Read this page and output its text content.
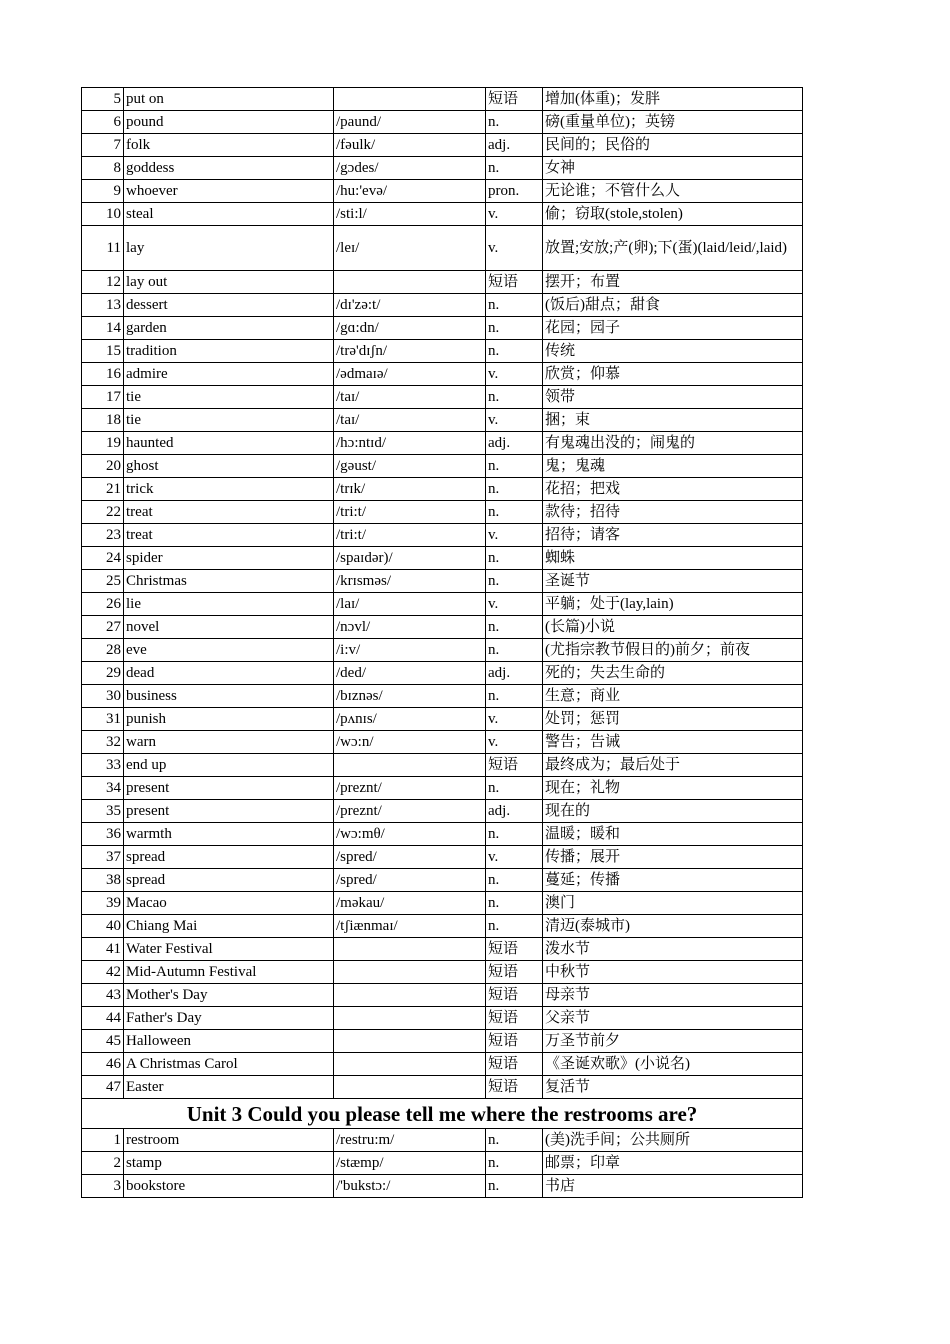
5	put on		短语	增加(体重)；发胖
6	pound	/paund/	n.	磅(重量单位)；英镑
7	folk	/fəulk/	adj.	民间的；民俗的
8	goddess	/gɔdes/	n.	女神
9	whoever	/hu:'evə/	pron.	无论谁；不管什么人
10	steal	/sti:l/	v.	偷；窃取(stole,stolen)
11	lay	/leɪ/	v.	放置;安放;产(卵);下(蛋)(laid/leid/,laid)
12	lay out		短语	摆开；布置
13	dessert	/dɪ'zə:t/	n.	(饭后)甜点；甜食
14	garden	/gɑ:dn/	n.	花园；园子
15	tradition	/trə'dɪʃn/	n.	传统
16	admire	/ədmaɪə/	v.	欣赏；仰慕
17	tie	/taɪ/	n.	领带
18	tie	/taɪ/	v.	捆；束
19	haunted	/hɔ:ntɪd/	adj.	有鬼魂出没的；闹鬼的
20	ghost	/gəust/	n.	鬼；鬼魂
21	trick	/trɪk/	n.	花招；把戏
22	treat	/tri:t/	n.	款待；招待
23	treat	/tri:t/	v.	招待；请客
24	spider	/spaɪdər)/	n.	蜘蛛
25	Christmas	/krɪsməs/	n.	圣诞节
26	lie	/laɪ/	v.	平躺；处于(lay,lain)
27	novel	/nɔvl/	n.	(长篇)小说
28	eve	/i:v/	n.	(尤指宗教节假日的)前夕；前夜
29	dead	/ded/	adj.	死的；失去生命的
30	business	/bɪznəs/	n.	生意；商业
31	punish	/pʌnɪs/	v.	处罚；惩罚
32	warn	/wɔ:n/	v.	警告；告诫
33	end up		短语	最终成为；最后处于
34	present	/preznt/	n.	现在；礼物
35	present	/preznt/	adj.	现在的
36	warmth	/wɔ:mθ/	n.	温暖；暖和
37	spread	/spred/	v.	传播；展开
38	spread	/spred/	n.	蔓延；传播
39	Macao	/məkau/	n.	澳门
40	Chiang Mai	/tʃiænmaɪ/	n.	清迈(泰城市)
41	Water Festival		短语	泼水节
42	Mid-Autumn Festival		短语	中秋节
43	Mother's Day		短语	母亲节
44	Father's Day		短语	父亲节
45	Halloween		短语	万圣节前夕
46	A Christmas Carol		短语	《圣诞欢歌》(小说名)
47	Easter		短语	复活节
Unit 3 Could you please tell me where the restrooms are?				
1	restroom	/restru:m/	n.	(美)洗手间；公共厕所
2	stamp	/stæmp/	n.	邮票；印章
3	bookstore	/'bukstɔ:/	n.	书店
